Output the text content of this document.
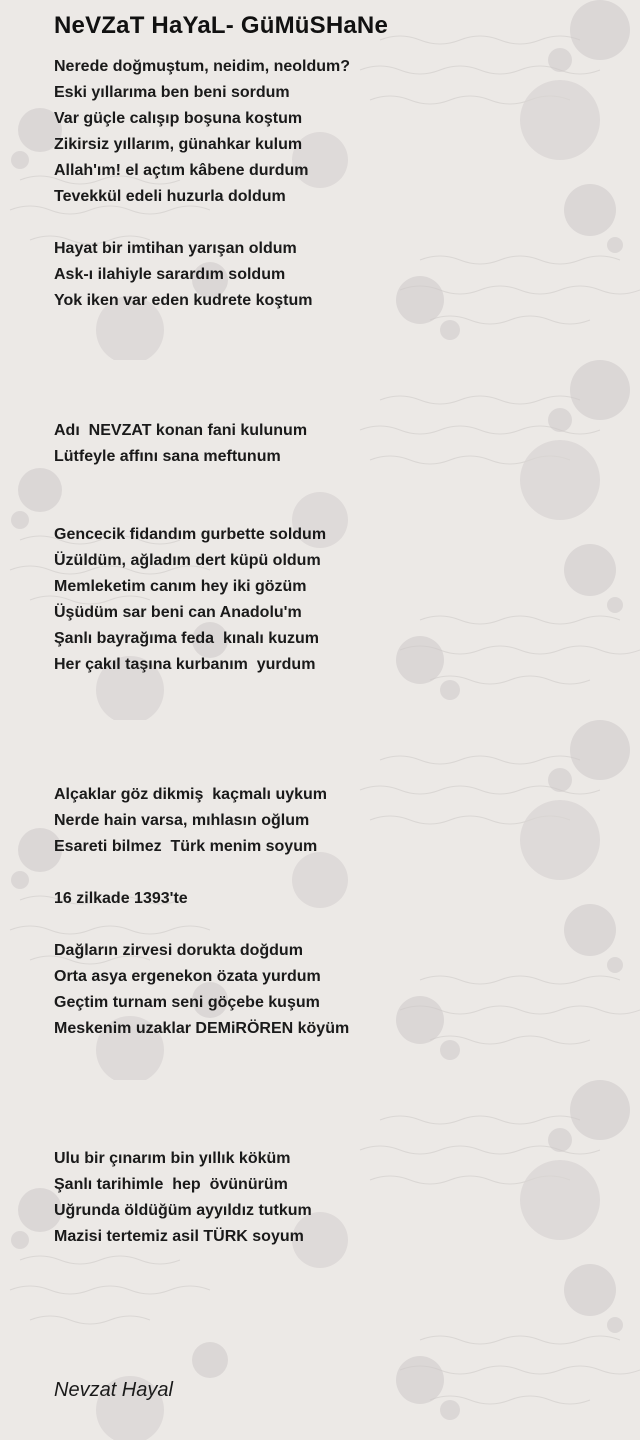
NeVZaT HaYaL- GüMüSHaNe
Nerede doğmuştum, neidim, neoldum?
Eski yıllarıma ben beni sordum
Var güçle calışıp boşuna koştum
Zikirsiz yıllarım, günahkar kulum
Allah'ım! el açtım kâbene durdum
Tevekkül edeli huzurla doldum
Hayat bir imtihan yarışan oldum
Ask-ı ilahiyle sarardım soldum
Yok iken var eden kudrete koştum
Adı  NEVZAT konan fani kulunum
Lütfeyle affını sana meftunum
Gencecik fidandım gurbette soldum
Üzüldüm, ağladım dert küpü oldum
Memleketim canım hey iki gözüm
Üşüdüm sar beni can Anadolu'm
Şanlı bayrağıma feda  kınalı kuzum
Her çakıl taşına kurbanım  yurdum
Alçaklar göz dikmiş  kaçmalı uykum
Nerde hain varsa, mıhlasın oğlum
Esareti bilmez  Türk menim soyum
16 zilkade 1393'te
Dağların zirvesi dorukta doğdum
Orta asya ergenekon özata yurdum
Geçtim turnam seni göçebe kuşum
Meskenim uzaklar DEMiRÖREN köyüm
Ulu bir çınarım bin yıllık köküm
Şanlı tarihimle  hep  övünürüm
Uğrunda öldüğüm ayyıldız tutkum
Mazisi tertemiz asil TÜRK soyum
Nevzat Hayal
